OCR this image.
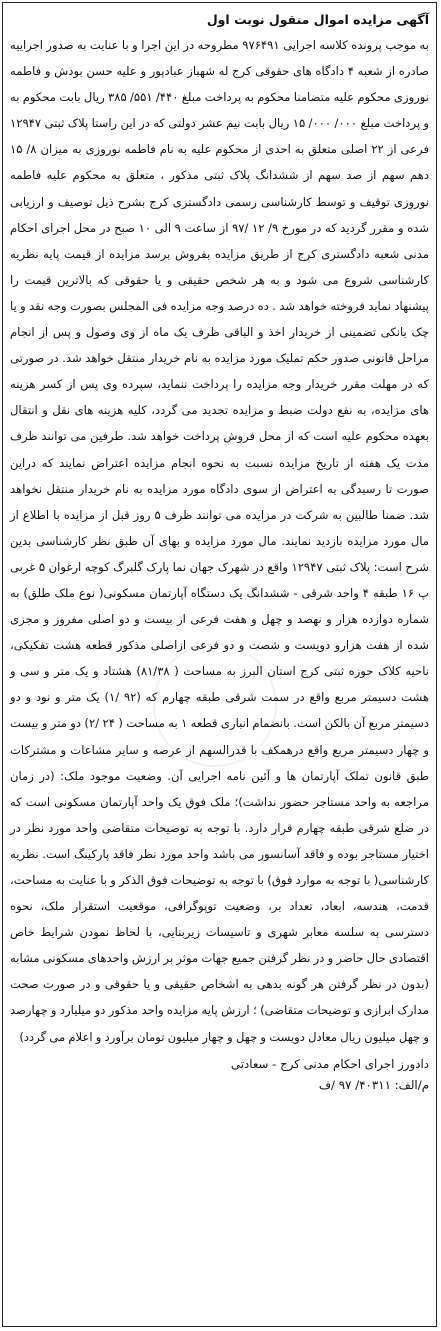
آگهی مزایده اموال منقول نوبت اول

به موجب پرونده کلاسه اجرایی ۹۷۶۴۹۱ مطروحه در این اجرا و با عنایت به صدور اجراییه صادره از شعبه ۴ دادگاه های حقوقی کرج له شهباز عبادپور و علیه حسن بودش و فاطمه نوروزی محکوم علیه متضامنا محکوم به پرداخت مبلغ ۴۴۰/ ۵۵۱/ ۳۸۵ ریال بابت محکوم به و پرداخت مبلغ ۰۰۰/ ۰۰۰/ ۱۵ ریال بابت نیم عشر دولتی که در این راستا پلاک ثبتی ۱۲۹۴۷ فرعی از ۲۲ اصلی متعلق به احدی از محکوم علیه به نام فاطمه نوروزی به میزان ۸/ ۱۵ دهم سهم از صد سهم از ششدانگ پلاک ثبتی مذکور ، متعلق به محکوم علیه فاطمه نوروزی توقیف و توسط کارشناسی رسمی دادگستری کرج بشرح ذیل توصیف و ارزیابی شده و مقرر گردید که در مورخ ۹/ ۱۲ /۹۷ از ساعت ۹ الی ۱۰ صبح در محل اجرای احکام مدنی شعبه دادگستری کرج از طریق مزایده بفروش برسد مزایده از قیمت پایه نظریه کارشناسی شروع می شود و به هر شخص حقیقی و یا حقوقی که بالاترین قیمت را پیشنهاد نماید فروخته خواهد شد . ده درصد وجه مزایده فی المجلس بصورت وجه نقد و یا چک بانکی تضمینی از خریدار اخذ و الباقی ظرف یک ماه از وی وصول و پس از انجام مراحل قانونی صدور حکم تملیک مورد مزایده به نام خریدار منتقل خواهد شد. در صورتی که در مهلت مقرر خریدار وجه مزایده را پرداخت ننماید، سپرده وی پس از کسر هزینه های مزایده، به نفع دولت ضبط و مزایده تجدید می گردد، کلیه هزینه های نقل و انتقال بعهده محکوم علیه است که از محل فروش پرداخت خواهد شد. طرفین می توانند ظرف مدت یک هفته از تاریخ مزایده نسبت به نحوه انجام مزایده اعتراض نمایند که دراین صورت تا رسیدگی به اعتراض از سوی دادگاه مورد مزایده به نام خریدار منتقل نخواهد شد. ضمنا طالبین به شرکت در مزایده می توانند ظرف ۵ روز قبل از مزایده با اطلاع از مال مورد مزایده بازدید نمایند. مال مورد مزایده و بهای آن طبق نظر کارشناسی بدین شرح است: پلاک ثبتی ۱۲۹۴۷ واقع در شهرک جهان نما پارک گلبرگ کوچه ارغوان ۵ غربی پ ۱۶ طبقه ۴ واحد شرقی - ششدانگ یک دستگاه آپارتمان مسکونی( نوع ملک طلق) به شماره دوازده هزار و نهصد و چهل و هفت فرعی از بیست و دو اصلی مفروز و مجزی شده از هفت هزارو دویست و شصت و دو فرعی ازاصلی مذکور قطعه هشت تفکیکی، ناحیه کلاک حوزه ثبتی کرج استان البرز به مساحت ( ۸۱/۳۸) هشتاد و یک متر و سی و هشت دسیمتر مربع واقع در سمت شرقی طبقه چهارم که (۹۲ /۱) یک متر و نود و دو دسیمتر مربع آن بالکن است. بانضمام انباری قطعه ۱ به مساحت ( ۲۴ /۲) دو متر و بیست و چهار دسیمتر مربع واقع درهمکف با قدرالسهم از عرصه و سایر مشاعات و مشترکات طبق قانون تملک آپارتمان ها و آئین نامه اجرایی آن. وضعیت موجود ملک: (در زمان مراجعه به واحد مستاجر حضور نداشت)؛ ملک فوق یک واحد آپارتمان مسکونی است که در ضلع شرقی طبقه چهارم قرار دارد. با توجه به توضیحات متقاضی واحد مورد نظر در اختیار مستاجر بوده و فاقد آسانسور می باشد واحد مورد نظر فاقد پارکینگ است. نظریه کارشناسی( با توجه به موارد فوق) با توجه به توضیحات فوق الذکر و با عنایت به مساحت، قدمت، هندسه، ابعاد، تعداد بر، وضعیت توپوگرافی، موقعیت استقرار ملک، نحوه دسترسی به سلسه معابر شهری و تاسیسات زیربنایی، با لحاظ نمودن شرایط خاص اقتصادی حال حاضر و در نظر گرفتن جمیع جهات موثر بر ارزش واحدهای مسکونی مشابه (بدون در نظر گرفتن هر گونه بدهی به اشخاص حقیقی و یا حقوقی و در صورت صحت مدارک ابرازی و توضیحات متقاضی) ؛ ارزش پایه مزایده واحد مذکور دو میلیارد و چهارصد و چهل میلیون ریال معادل دویست و چهل و چهار میلیون تومان برآورد و اعلام می گردد)

دادورز اجرای احکام مدنی کرج - سعادتی

م/الف: ۴۰۳۱۱/ ۹۷ /ف
